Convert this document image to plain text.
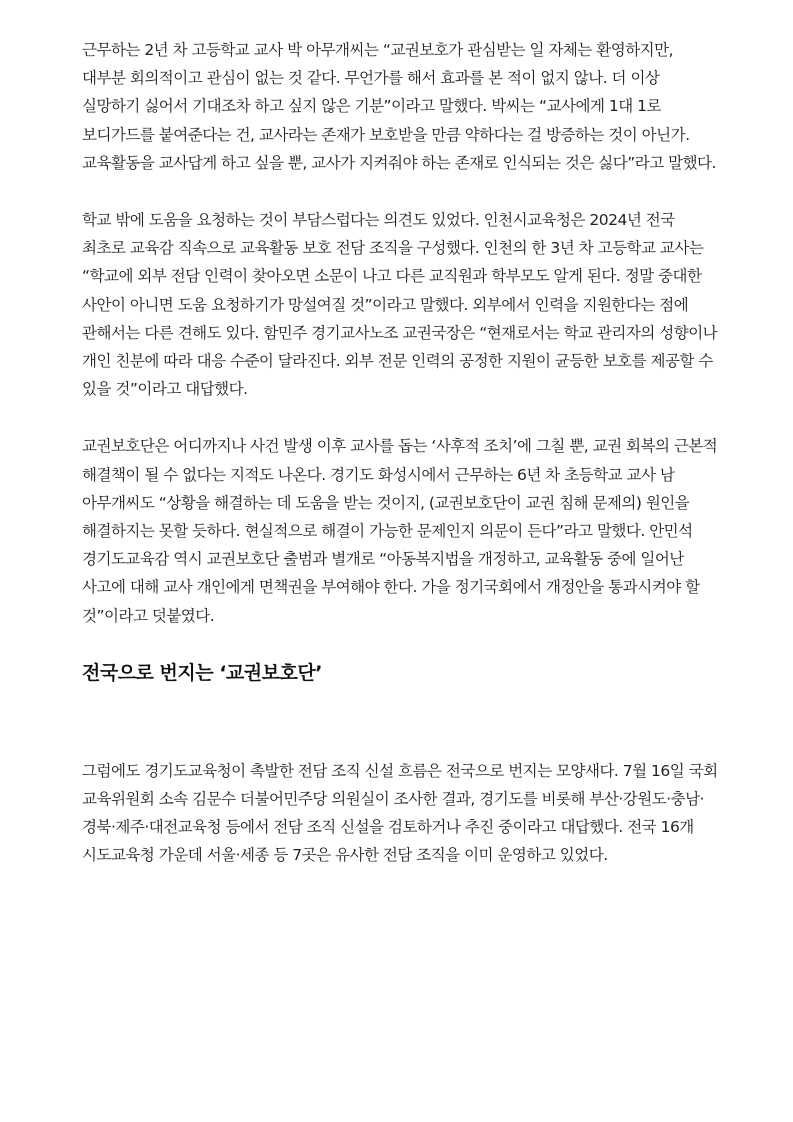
근무하는 2년 차 고등학교 교사 박 아무개씨는 “교권보호가 관심받는 일 자체는 환영하지만, 대부분 회의적이고 관심이 없는 것 같다. 무언가를 해서 효과를 본 적이 없지 않나. 더 이상 실망하기 싫어서 기대조차 하고 싶지 않은 기분”이라고 말했다. 박씨는 “교사에게 1대 1로 보디가드를 붙여준다는 건, 교사라는 존재가 보호받을 만큼 약하다는 걸 방증하는 것이 아닌가. 교육활동을 교사답게 하고 싶을 뿐, 교사가 지켜줘야 하는 존재로 인식되는 것은 싫다”라고 말했다.

학교 밖에 도움을 요청하는 것이 부담스럽다는 의견도 있었다. 인천시교육청은 2024년 전국 최초로 교육감 직속으로 교육활동 보호 전담 조직을 구성했다. 인천의 한 3년 차 고등학교 교사는 “학교에 외부 전담 인력이 찾아오면 소문이 나고 다른 교직원과 학부모도 알게 된다. 정말 중대한 사안이 아니면 도움 요청하기가 망설여질 것”이라고 말했다. 외부에서 인력을 지원한다는 점에 관해서는 다른 견해도 있다. 함민주 경기교사노조 교권국장은 “현재로서는 학교 관리자의 성향이나 개인 친분에 따라 대응 수준이 달라진다. 외부 전문 인력의 공정한 지원이 균등한 보호를 제공할 수 있을 것”이라고 대답했다.

교권보호단은 어디까지나 사건 발생 이후 교사를 돕는 ‘사후적 조치’에 그칠 뿐, 교권 회복의 근본적 해결책이 될 수 없다는 지적도 나온다. 경기도 화성시에서 근무하는 6년 차 초등학교 교사 남 아무개씨도 “상황을 해결하는 데 도움을 받는 것이지, (교권보호단이 교권 침해 문제의) 원인을 해결하지는 못할 듯하다. 현실적으로 해결이 가능한 문제인지 의문이 든다”라고 말했다. 안민석 경기도교육감 역시 교권보호단 출범과 별개로 “아동복지법을 개정하고, 교육활동 중에 일어난 사고에 대해 교사 개인에게 면책권을 부여해야 한다. 가을 정기국회에서 개정안을 통과시켜야 할 것”이라고 덧붙였다.

전국으로 번지는 ‘교권보호단’

그럼에도 경기도교육청이 촉발한 전담 조직 신설 흐름은 전국으로 번지는 모양새다. 7월 16일 국회 교육위원회 소속 김문수 더불어민주당 의원실이 조사한 결과, 경기도를 비롯해 부산·강원도·충남·경북·제주·대전교육청 등에서 전담 조직 신설을 검토하거나 추진 중이라고 대답했다. 전국 16개 시도교육청 가운데 서울·세종 등 7곳은 유사한 전담 조직을 이미 운영하고 있었다.
